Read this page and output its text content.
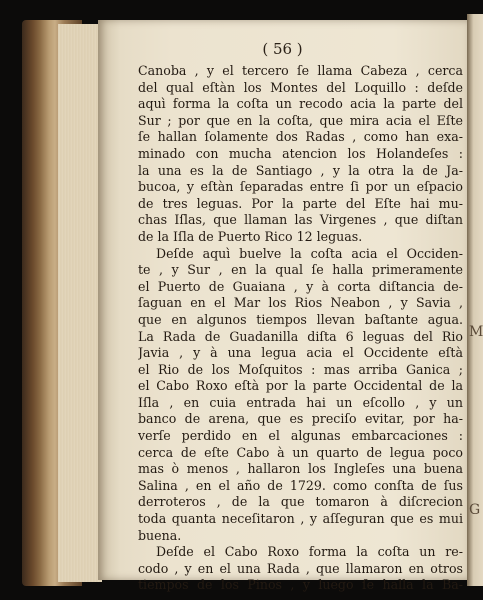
( 56 )
Canoba , y el tercero ſe llama Cabeza , cerca
del qual eſtàn los Montes del Loquillo : deſde
aquì forma la coſta un recodo acia la parte del
Sur ; por que en la coſta, que mira acia el Eſte
ſe hallan ſolamente dos Radas , como han exa-
minado con mucha atencion los Holandeſes :
la una es la de Santiago , y la otra la de Ja-
bucoa, y eſtàn ſeparadas entre ſi por un eſpacio
de tres leguas. Por la parte del Eſte hai mu-
chas Iſlas, que llaman las Virgenes , que diſtan
de la Iſla de Puerto Rico 12 leguas.
Deſde aquì buelve la coſta acia el Occiden-
te , y Sur , en la qual ſe halla primeramente
el Puerto de Guaiana , y à corta diſtancia de-
ſaguan en el Mar los Rios Neabon , y Savia ,
que en algunos tiempos llevan baſtante agua.
La Rada de Guadanilla diſta 6 leguas del Rio
Javia , y à una legua acia el Occidente eſtà
el Rio de los Moſquitos : mas arriba Ganica ;
el Cabo Roxo eſtà por la parte Occidental de la
Iſla , en cuia entrada hai un eſcollo , y un
banco de arena, que es preciſo evitar, por ha-
verſe perdido en el algunas embarcaciones :
cerca de eſte Cabo à un quarto de legua poco
mas ò menos , hallaron los Ingleſes una buena
Salina , en el año de 1729. como conſta de ſus
derroteros , de la que tomaron à diſcrecion
toda quanta neceſitaron , y aſſeguran que es mui
buena.
Deſde el Cabo Roxo forma la coſta un re-
codo , y en el una Rada , que llamaron en otros
tiempos de los Pinos , y luego ſe halla la Ba-
M
G
